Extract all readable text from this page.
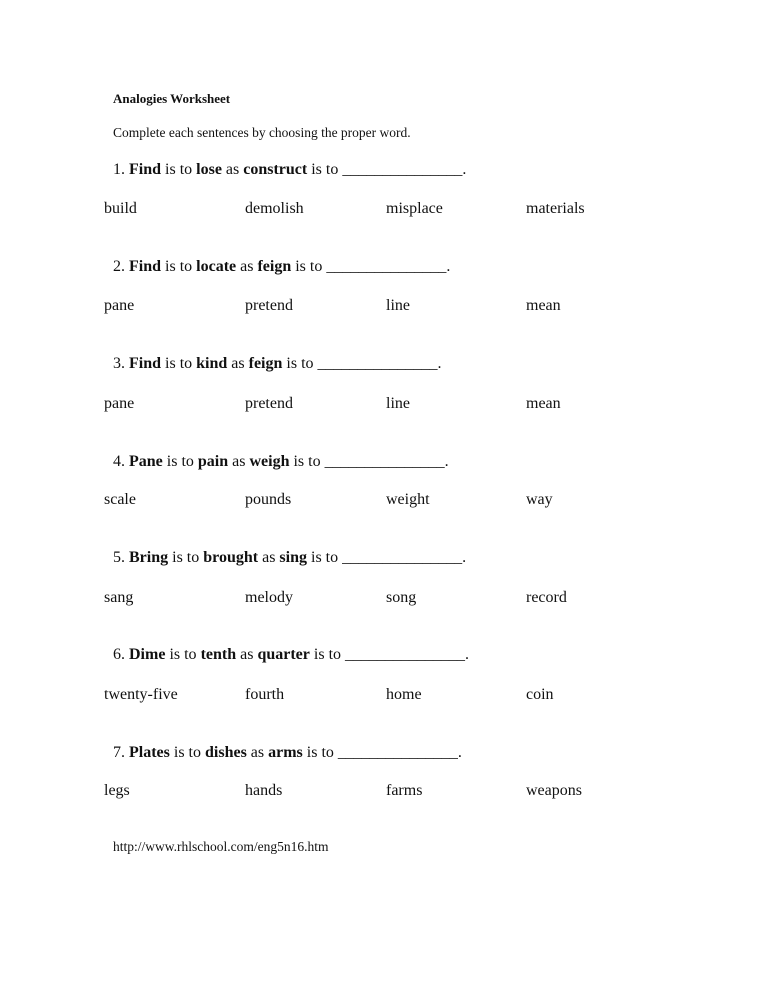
Analogies Worksheet
Complete each sentences by choosing the proper word.
1. Find is to lose as construct is to _______________.
build	demolish	misplace	materials
2. Find is to locate as feign is to _______________.
pane	pretend	line	mean
3. Find is to kind as feign is to _______________.
pane	pretend	line	mean
4. Pane is to pain as weigh is to _______________.
scale	pounds	weight	way
5. Bring is to brought as sing is to _______________.
sang	melody	song	record
6. Dime is to tenth as quarter is to _______________.
twenty-five	fourth	home	coin
7. Plates is to dishes as arms is to _______________.
legs	hands	farms	weapons
http://www.rhlschool.com/eng5n16.htm
